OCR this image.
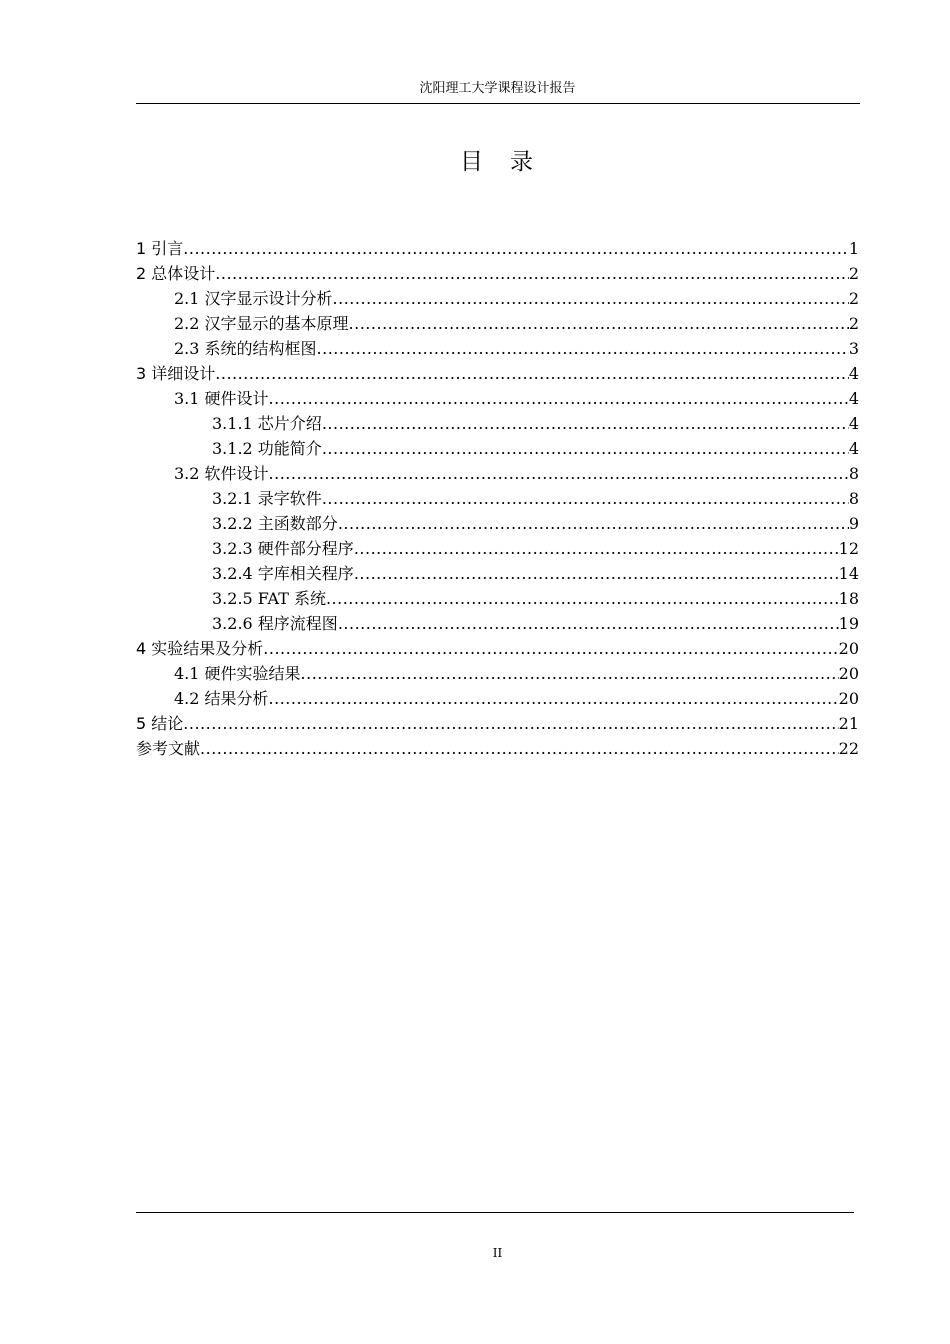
沈阳理工大学课程设计报告
目　录
1 引言 .....	1
2 总体设计 .....	2
2.1 汉字显示设计分析 .....	2
2.2 汉字显示的基本原理 .....	2
2.3 系统的结构框图 .....	3
3 详细设计 .....	4
3.1 硬件设计 .....	4
3.1.1 芯片介绍 .....	4
3.1.2 功能简介 .....	4
3.2 软件设计 .....	8
3.2.1 录字软件 .....	8
3.2.2 主函数部分 .....	9
3.2.3 硬件部分程序 .....	12
3.2.4 字库相关程序 .....	14
3.2.5 FAT 系统 .....	18
3.2.6 程序流程图 .....	19
4 实验结果及分析 .....	20
4.1 硬件实验结果 .....	20
4.2 结果分析 .....	20
5 结论 .....	21
参考文献 .....	22
II
